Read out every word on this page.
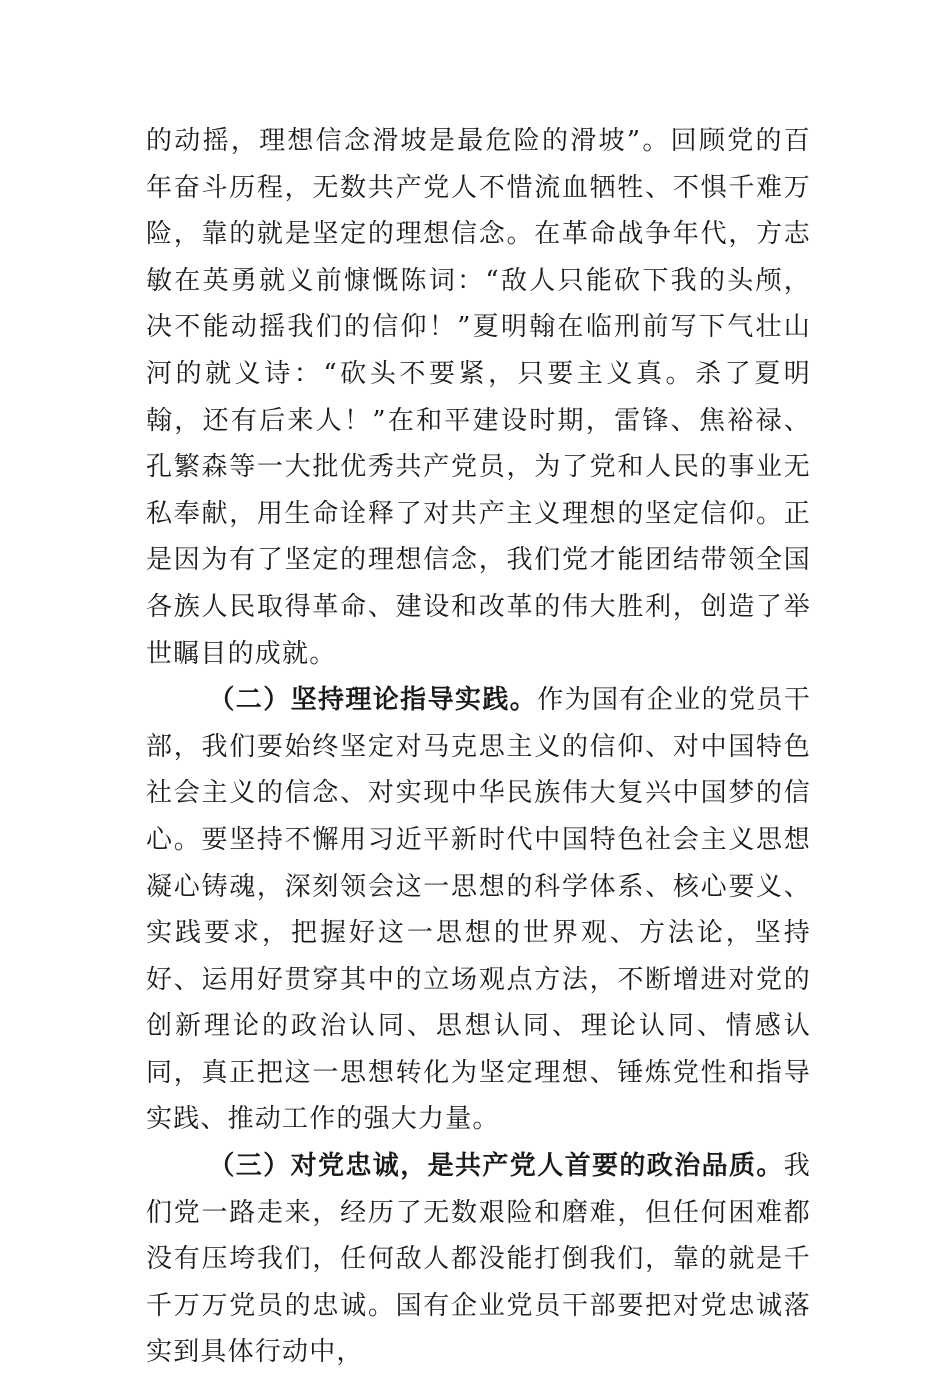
的动摇，理想信念滑坡是最危险的滑坡”。回顾党的百年奋斗历程，无数共产党人不惜流血牺牲、不惧千难万险，靠的就是坚定的理想信念。在革命战争年代，方志敏在英勇就义前慷慨陈词：“敌人只能砍下我的头颅，决不能动摇我们的信仰！”夏明翰在临刑前写下气壮山河的就义诗：“砍头不要紧，只要主义真。杀了夏明翰，还有后来人！”在和平建设时期，雷锋、焦裕禄、孔繁森等一大批优秀共产党员，为了党和人民的事业无私奉献，用生命诠释了对共产主义理想的坚定信仰。正是因为有了坚定的理想信念，我们党才能团结带领全国各族人民取得革命、建设和改革的伟大胜利，创造了举世瞩目的成就。

（二）坚持理论指导实践。作为国有企业的党员干部，我们要始终坚定对马克思主义的信仰、对中国特色社会主义的信念、对实现中华民族伟大复兴中国梦的信心。要坚持不懈用习近平新时代中国特色社会主义思想凝心铸魂，深刻领会这一思想的科学体系、核心要义、实践要求，把握好这一思想的世界观、方法论，坚持好、运用好贯穿其中的立场观点方法，不断增进对党的创新理论的政治认同、思想认同、理论认同、情感认同，真正把这一思想转化为坚定理想、锤炼党性和指导实践、推动工作的强大力量。

（三）对党忠诚，是共产党人首要的政治品质。我们党一路走来，经历了无数艰险和磨难，但任何困难都没有压垮我们，任何敌人都没能打倒我们，靠的就是千千万万党员的忠诚。国有企业党员干部要把对党忠诚落实到具体行动中，
